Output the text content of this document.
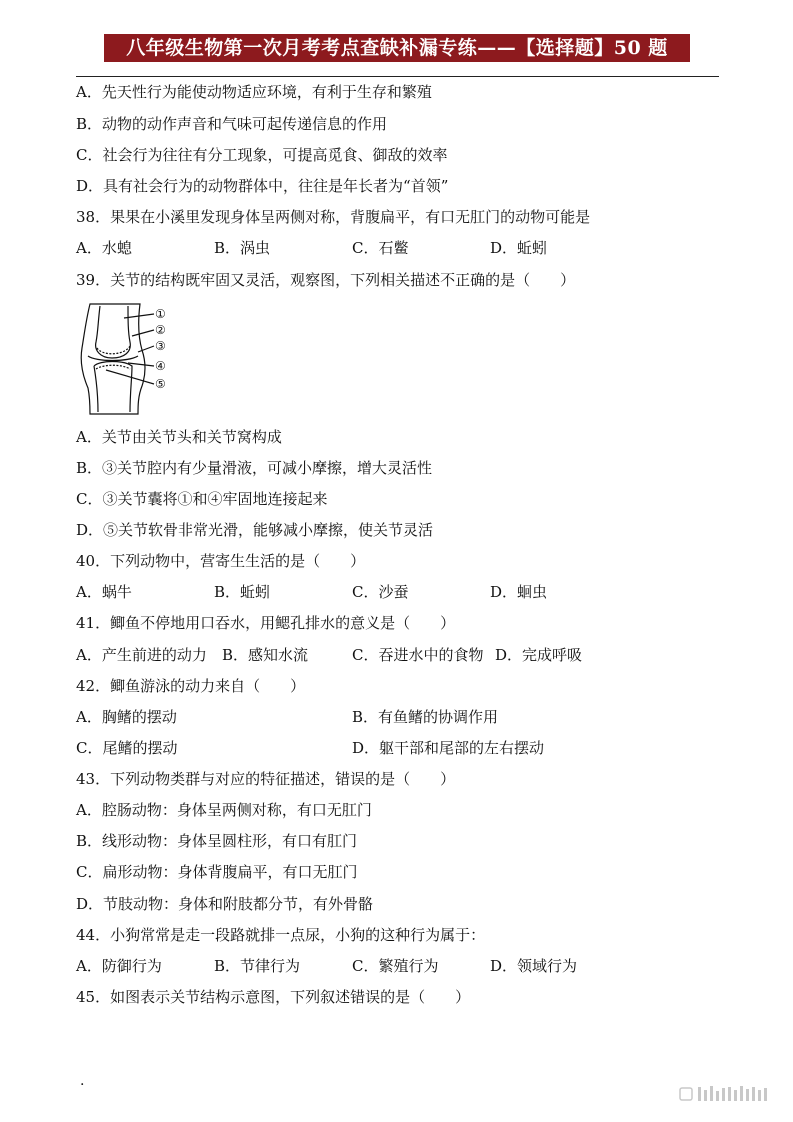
八年级生物第一次月考考点查缺补漏专练——【选择题】50 题
A．先天性行为能使动物适应环境，有利于生存和繁殖
B．动物的动作声音和气味可起传递信息的作用
C．社会行为往往有分工现象，可提高觅食、御敌的效率
D．具有社会行为的动物群体中，往往是年长者为“首领”
38．果果在小溪里发现身体呈两侧对称，背腹扁平，有口无肛门的动物可能是
A．水螅	B．涡虫	C．石鳖	D．蚯蚓
39．关节的结构既牢固又灵活，观察图，下列相关描述不正确的是（　　）
①
②
③
④
⑤
A．关节由关节头和关节窝构成
B．③关节腔内有少量滑液，可减小摩擦，增大灵活性
C．③关节囊将①和④牢固地连接起来
D．⑤关节软骨非常光滑，能够减小摩擦，使关节灵活
40．下列动物中，营寄生生活的是（　　）
A．蜗牛	B．蚯蚓	C．沙蚕	D．蛔虫
41．鲫鱼不停地用口吞水，用鳃孔排水的意义是（　　）
A．产生前进的动力 B．感知水流	C．吞进水中的食物 D．完成呼吸
42．鲫鱼游泳的动力来自（　　）
A．胸鳍的摆动	B．有鱼鳍的协调作用
C．尾鳍的摆动	D．躯干部和尾部的左右摆动
43．下列动物类群与对应的特征描述，错误的是（　　）
A．腔肠动物：身体呈两侧对称，有口无肛门
B．线形动物：身体呈圆柱形，有口有肛门
C．扁形动物：身体背腹扁平，有口无肛门
D．节肢动物：身体和附肢都分节，有外骨骼
44．小狗常常是走一段路就排一点尿，小狗的这种行为属于：
A．防御行为	B．节律行为	C．繁殖行为	D．领域行为
45．如图表示关节结构示意图，下列叙述错误的是（　　）
.
